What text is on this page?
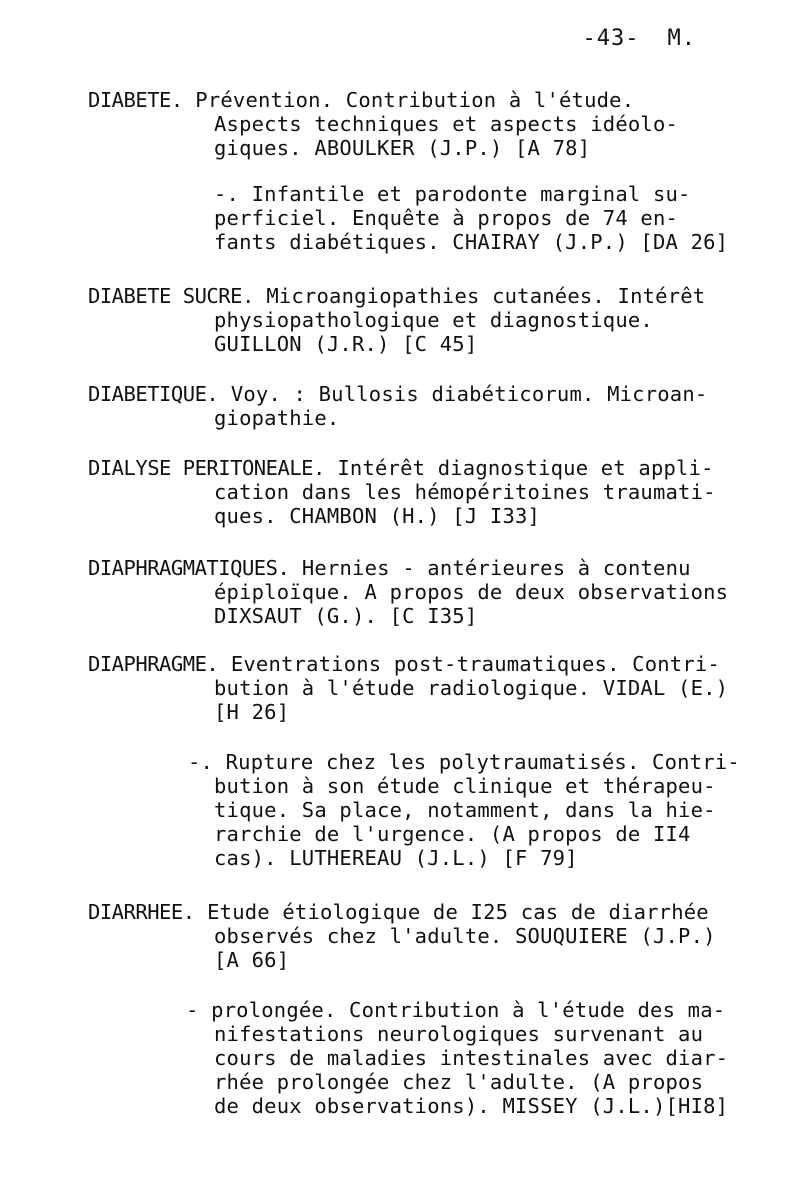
-43- M.
DIABETE. Prévention. Contribution à l'étude.
Aspects techniques et aspects idéolo-
giques. ABOULKER (J.P.) [A 78]
-. Infantile et parodonte marginal su-
perficiel. Enquête à propos de 74 en-
fants diabétiques. CHAIRAY (J.P.) [DA 26]
DIABETE SUCRE. Microangiopathies cutanées. Intérêt
physiopathologique et diagnostique.
GUILLON (J.R.) [C 45]
DIABETIQUE. Voy. : Bullosis diabéticorum. Microan-
giopathie.
DIALYSE PERITONEALE. Intérêt diagnostique et appli-
cation dans les hémopéritoines traumati-
ques. CHAMBON (H.) [J I33]
DIAPHRAGMATIQUES. Hernies - antérieures à contenu
épiploïque. A propos de deux observations
DIXSAUT (G.). [C I35]
DIAPHRAGME. Eventrations post-traumatiques. Contri-
bution à l'étude radiologique. VIDAL (E.)
[H 26]
-. Rupture chez les polytraumatisés. Contri-
bution à son étude clinique et thérapeu-
tique. Sa place, notamment, dans la hie-
rarchie de l'urgence. (A propos de II4
cas). LUTHEREAU (J.L.) [F 79]
DIARRHEE. Etude étiologique de I25 cas de diarrhée
observés chez l'adulte. SOUQUIERE (J.P.)
[A 66]
- prolongée. Contribution à l'étude des ma-
nifestations neurologiques survenant au
cours de maladies intestinales avec diar-
rhée prolongée chez l'adulte. (A propos
de deux observations). MISSEY (J.L.)[HI8]
